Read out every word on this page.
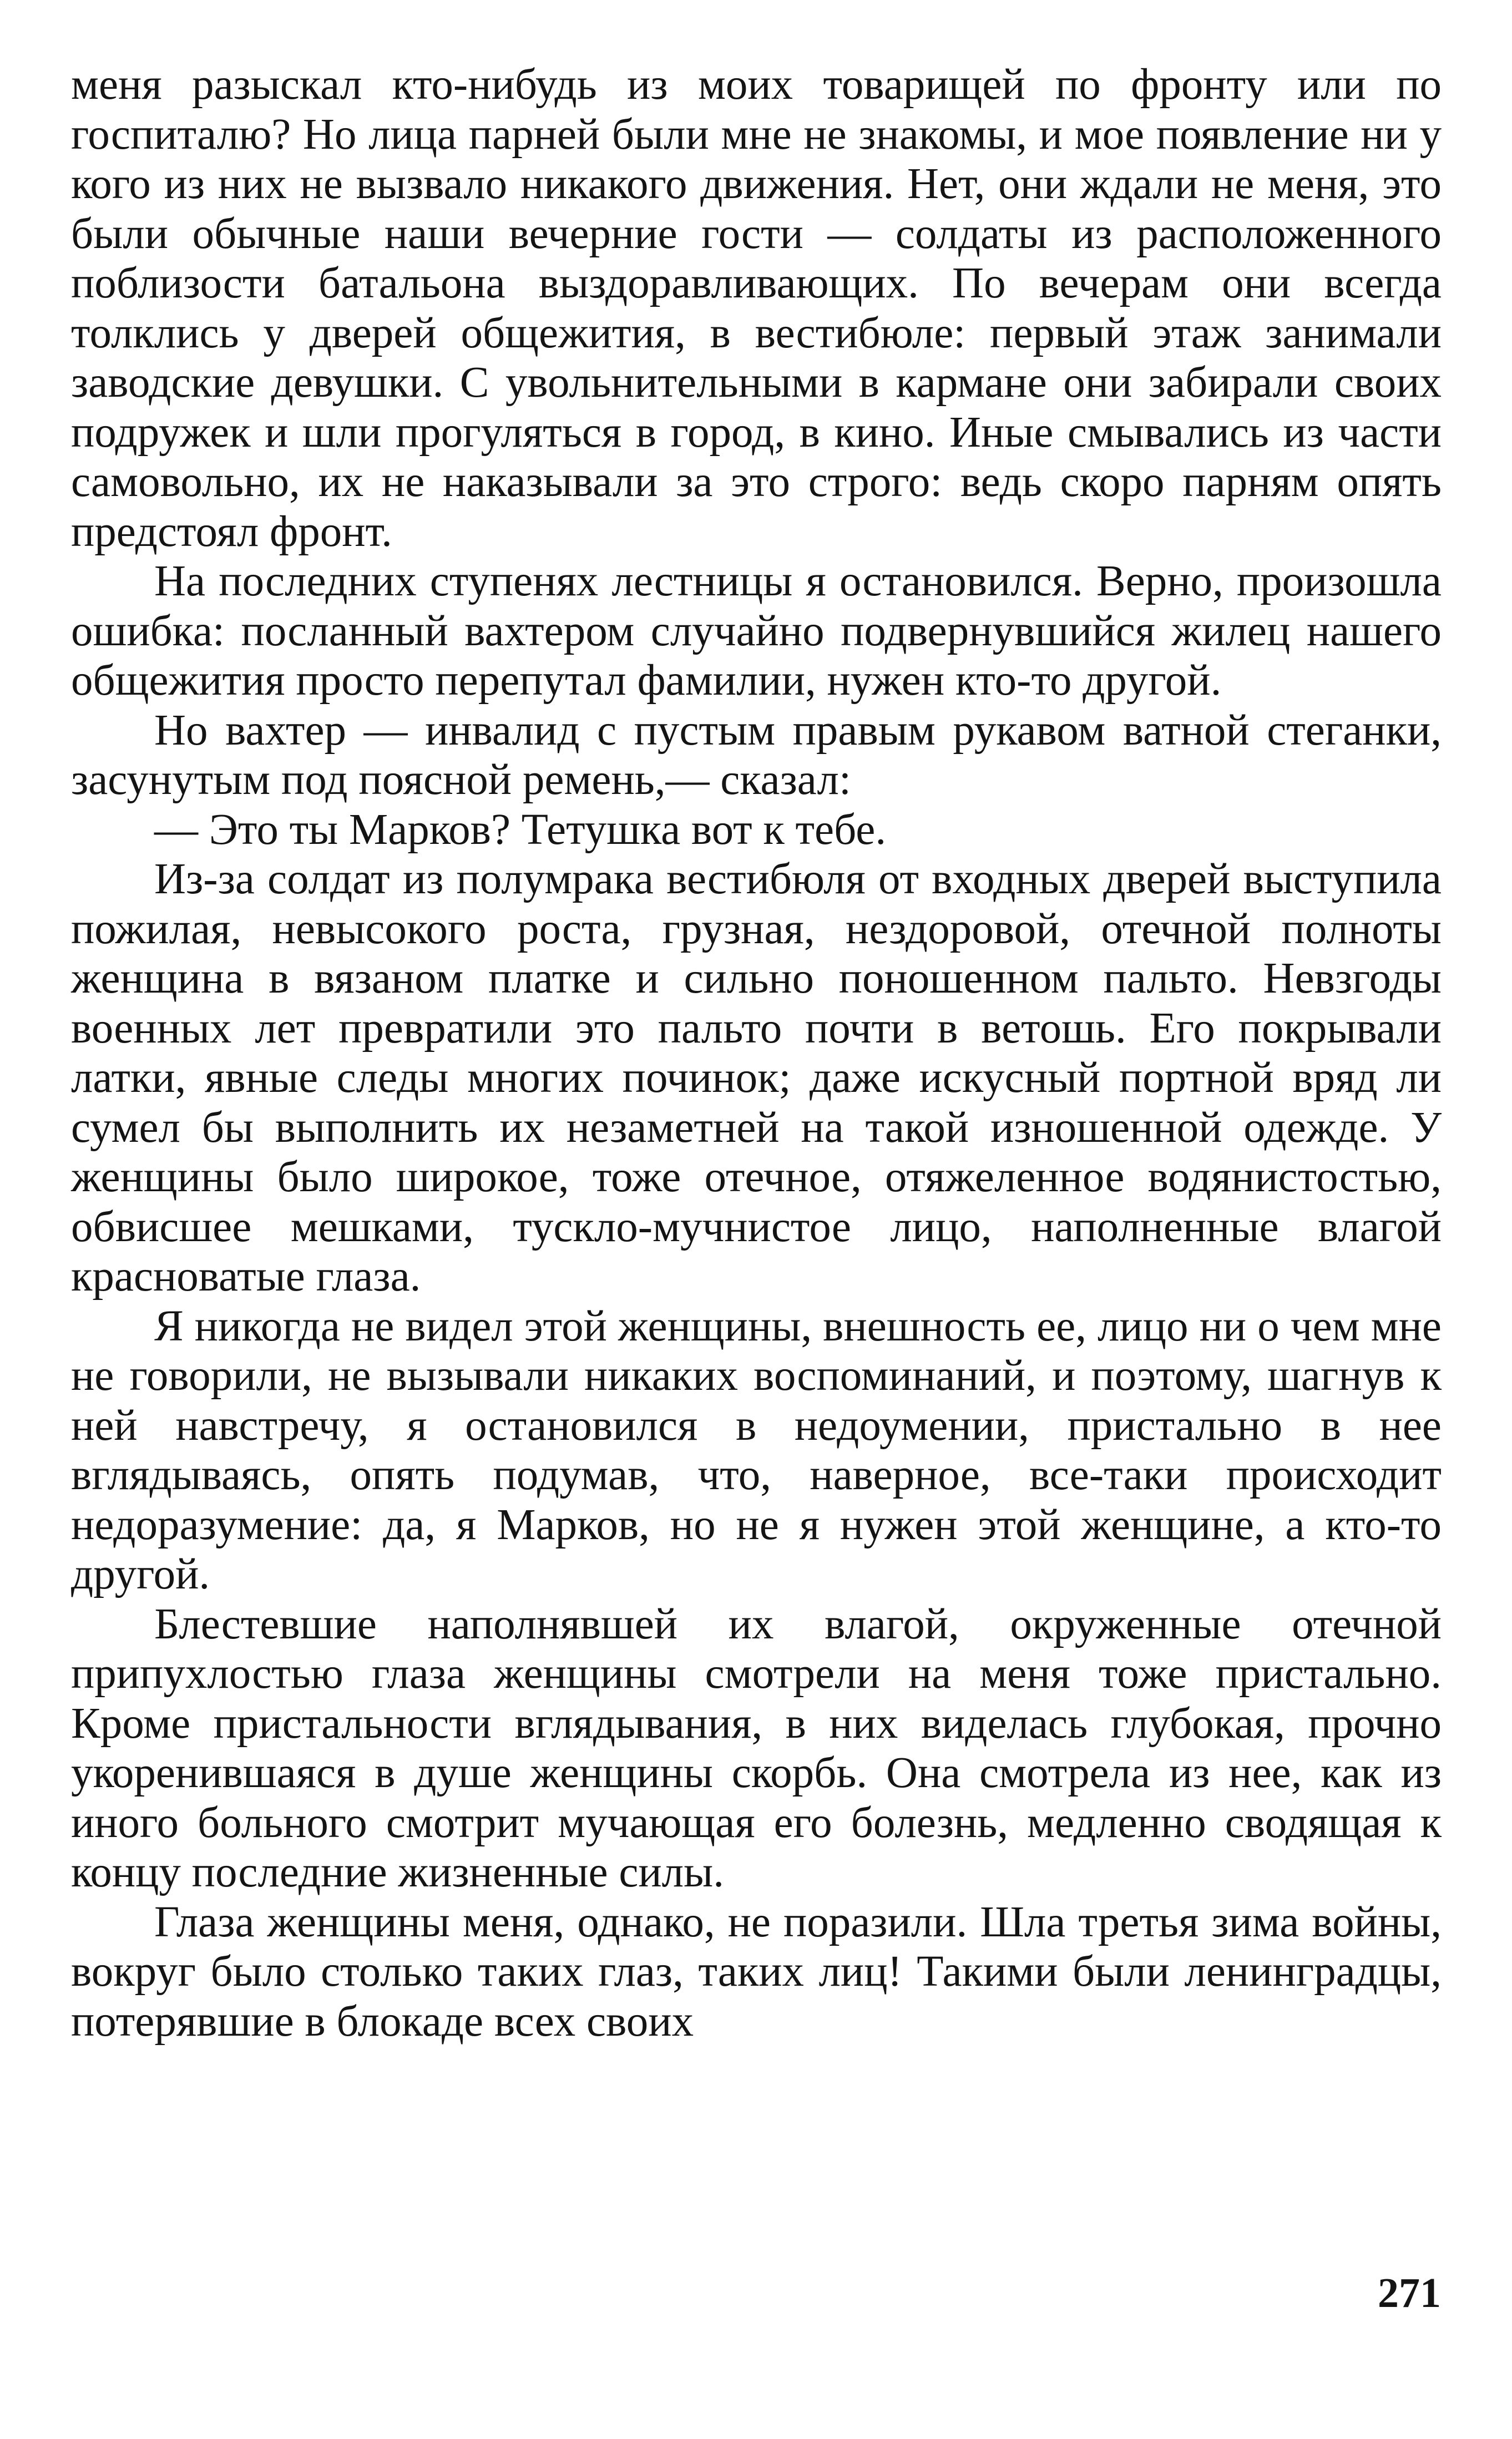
меня разыскал кто-нибудь из моих товарищей по фронту или по госпиталю? Но лица парней были мне не знакомы, и мое появление ни у кого из них не вызвало никакого движения. Нет, они ждали не меня, это были обычные наши вечерние гости — солдаты из расположенного поблизости батальона выздоравливающих. По вечерам они всегда толклись у дверей общежития, в вестибюле: первый этаж занимали заводские девушки. С увольнительными в кармане они забирали своих подружек и шли прогуляться в город, в кино. Иные смывались из части самовольно, их не наказывали за это строго: ведь скоро парням опять предстоял фронт.

На последних ступенях лестницы я остановился. Верно, произошла ошибка: посланный вахтером случайно подвернувшийся жилец нашего общежития просто перепутал фамилии, нужен кто-то другой.

Но вахтер — инвалид с пустым правым рукавом ватной стеганки, засунутым под поясной ремень,— сказал:

— Это ты Марков? Тетушка вот к тебе.

Из-за солдат из полумрака вестибюля от входных дверей выступила пожилая, невысокого роста, грузная, нездоровой, отечной полноты женщина в вязаном платке и сильно поношенном пальто. Невзгоды военных лет превратили это пальто почти в ветошь. Его покрывали латки, явные следы многих починок; даже искусный портной вряд ли сумел бы выполнить их незаметней на такой изношенной одежде. У женщины было широкое, тоже отечное, отяжеленное водянистостью, обвисшее мешками, тускло-мучнистое лицо, наполненные влагой красноватые глаза.

Я никогда не видел этой женщины, внешность ее, лицо ни о чем мне не говорили, не вызывали никаких воспоминаний, и поэтому, шагнув к ней навстречу, я остановился в недоумении, пристально в нее вглядываясь, опять подумав, что, наверное, все-таки происходит недоразумение: да, я Марков, но не я нужен этой женщине, а кто-то другой.

Блестевшие наполнявшей их влагой, окруженные отечной припухлостью глаза женщины смотрели на меня тоже пристально. Кроме пристальности вглядывания, в них виделась глубокая, прочно укоренившаяся в душе женщины скорбь. Она смотрела из нее, как из иного больного смотрит мучающая его болезнь, медленно сводящая к концу последние жизненные силы.

Глаза женщины меня, однако, не поразили. Шла третья зима войны, вокруг было столько таких глаз, таких лиц! Такими были ленинградцы, потерявшие в блокаде всех своих

271
